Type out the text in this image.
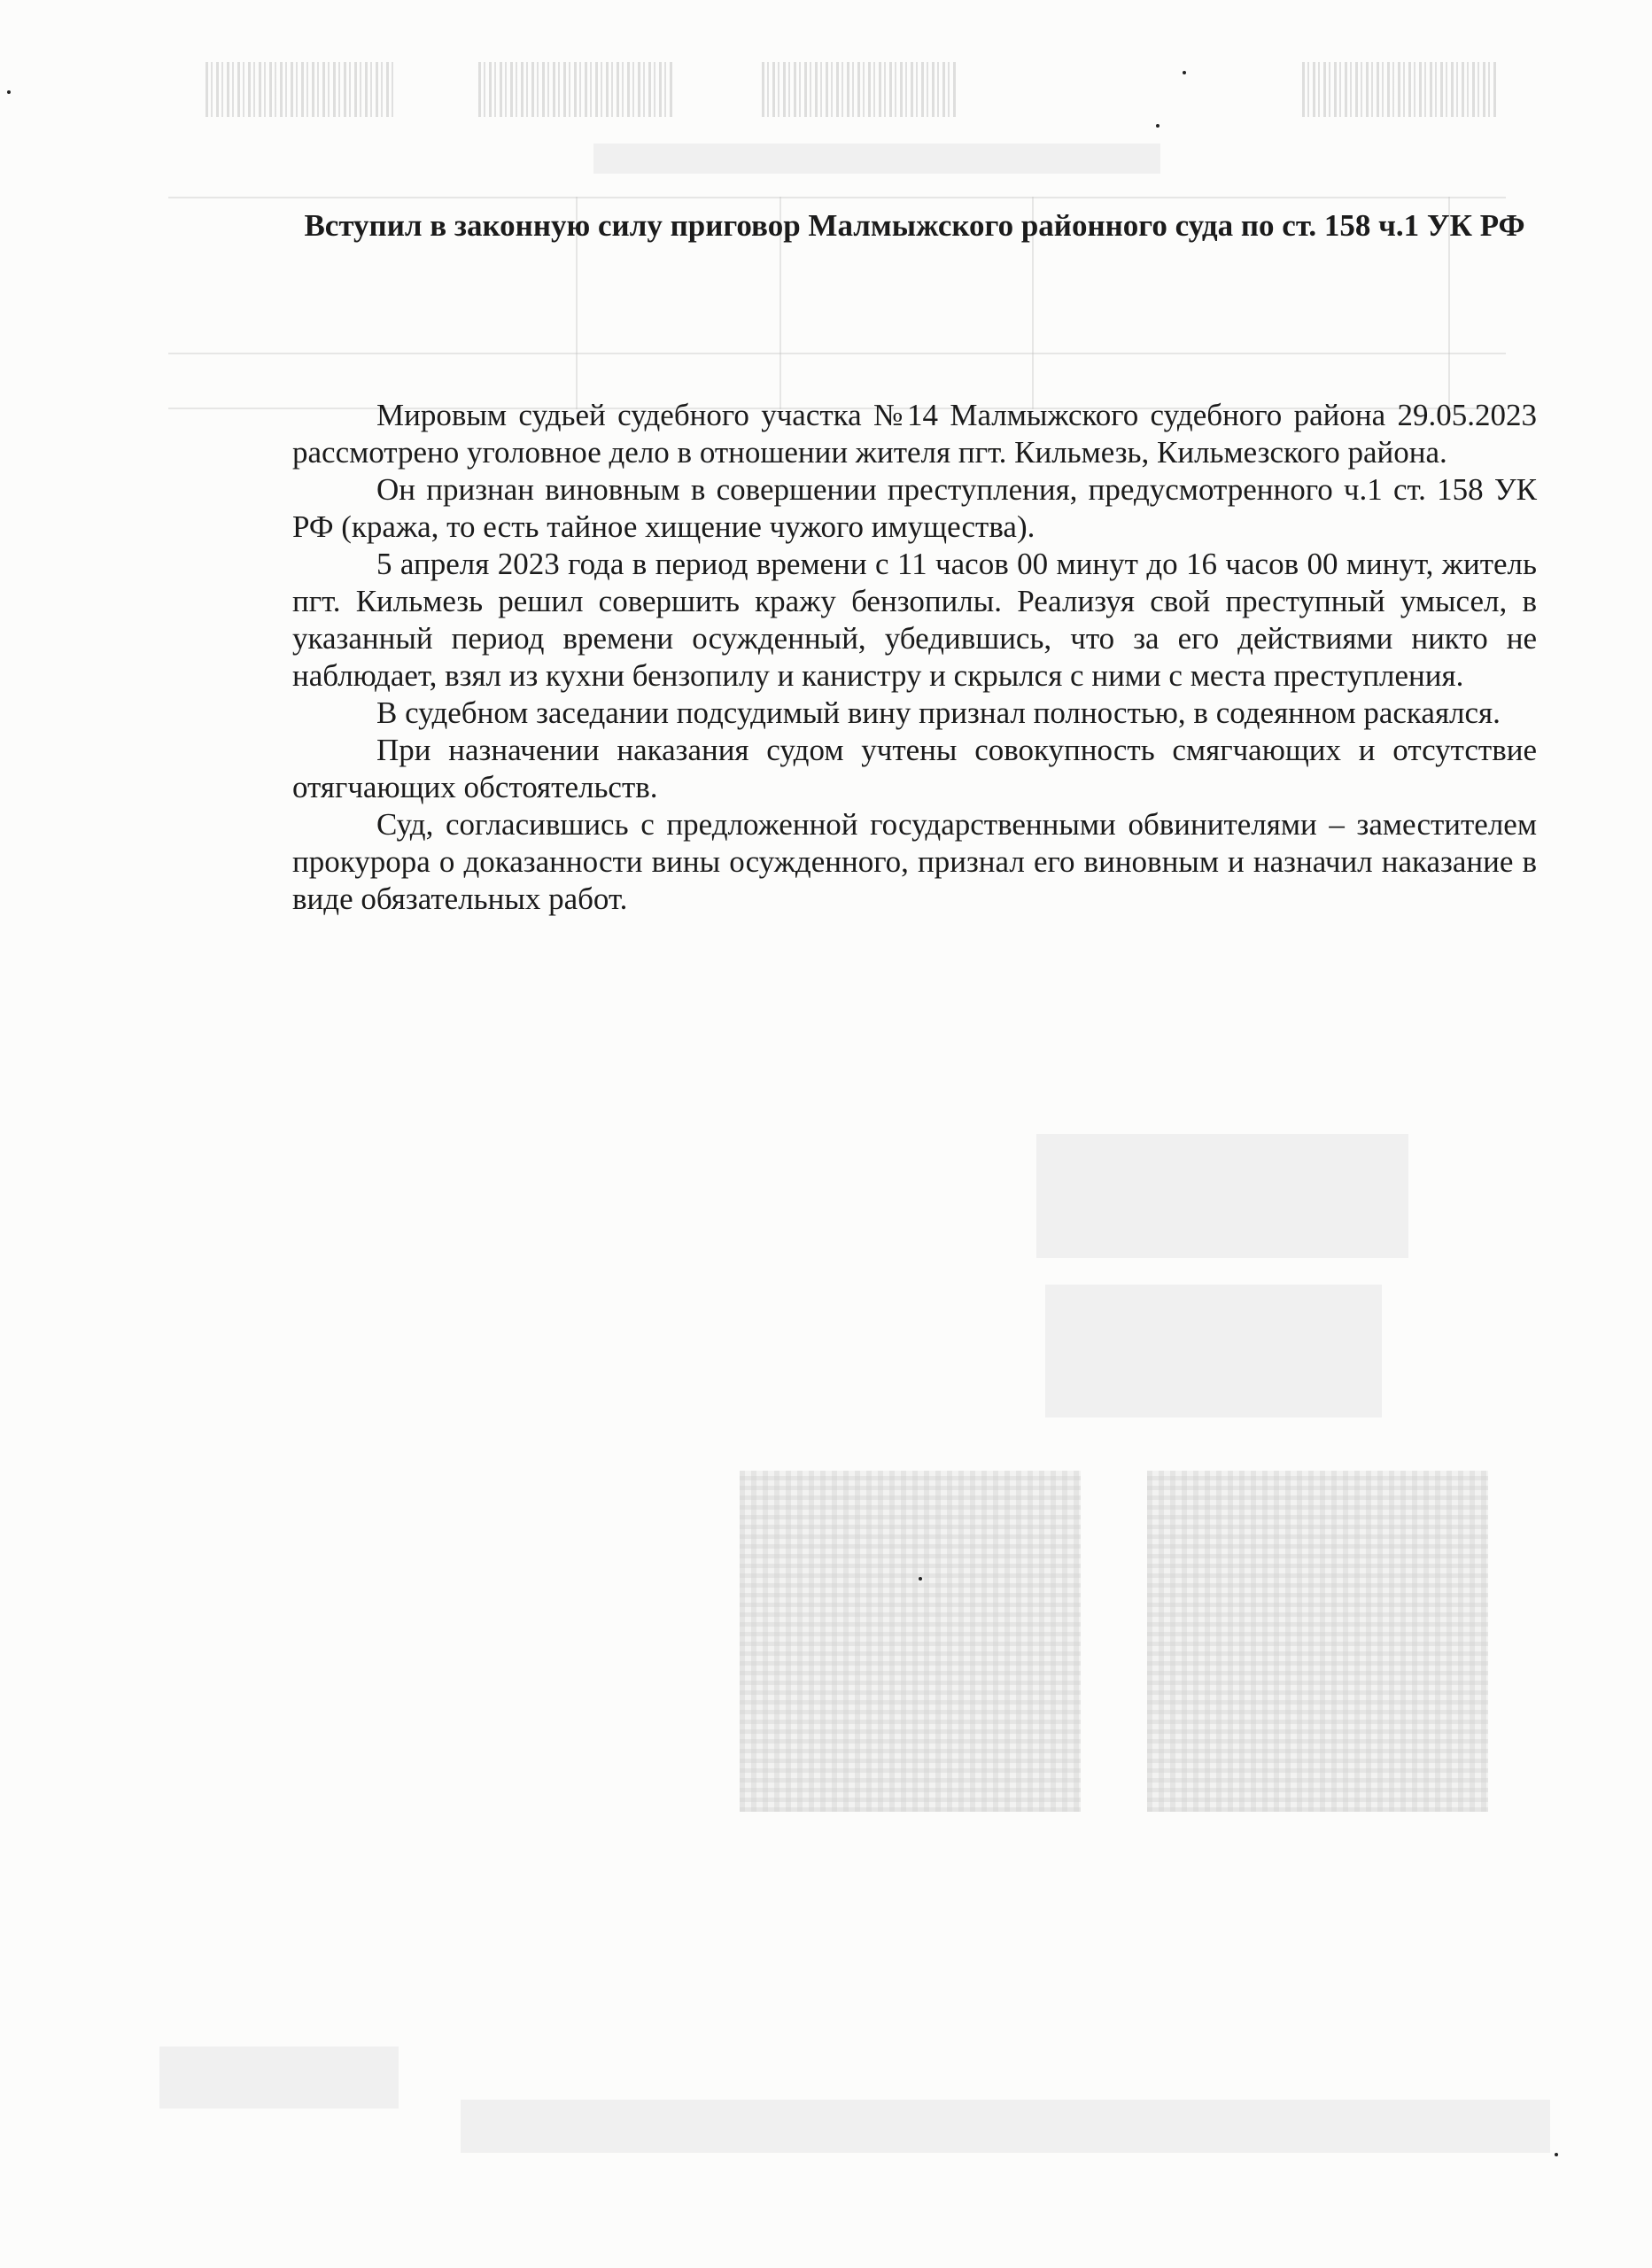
Вступил в законную силу приговор Малмыжского районного суда по ст. 158 ч.1 УК РФ

Мировым судьей судебного участка №14 Малмыжского судебного района 29.05.2023 рассмотрено уголовное дело в отношении жителя пгт. Кильмезь, Кильмезского района.

Он признан виновным в совершении преступления, предусмотренного ч.1 ст. 158 УК РФ (кража, то есть тайное хищение чужого имущества).

5 апреля 2023 года в период времени с 11 часов 00 минут до 16 часов 00 минут, житель пгт. Кильмезь решил совершить кражу бензопилы. Реализуя свой преступный умысел, в указанный период времени осужденный, убедившись, что за его действиями никто не наблюдает, взял из кухни бензопилу и канистру и скрылся с ними с места преступления.

В судебном заседании подсудимый вину признал полностью, в содеянном раскаялся.

При назначении наказания судом учтены совокупность смягчающих и отсутствие отягчающих обстоятельств.

Суд, согласившись с предложенной государственными обвинителями – заместителем прокурора о доказанности вины осужденного, признал его виновным и назначил наказание в виде обязательных работ.
